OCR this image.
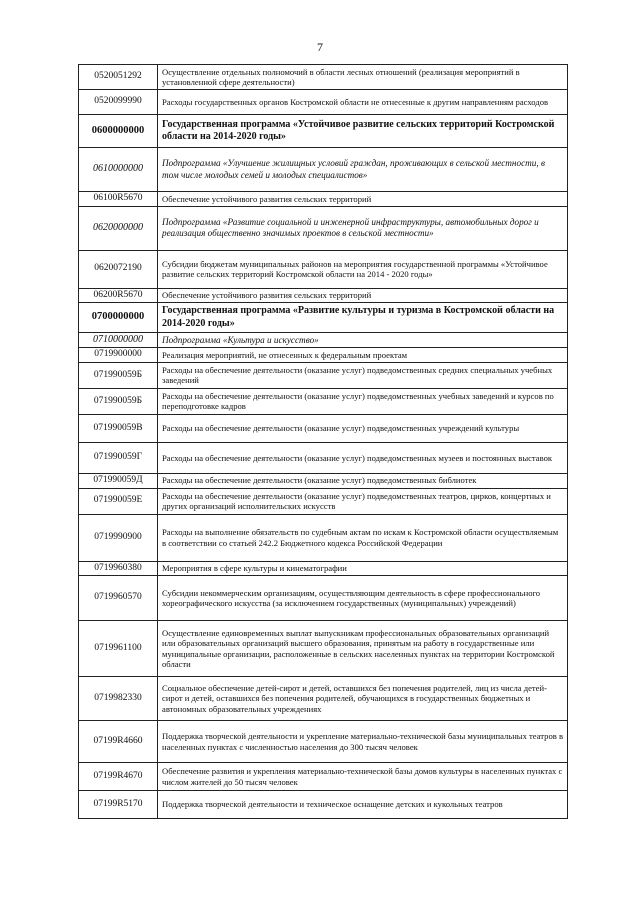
7
0520051292	Осуществление отдельных полномочий в области лесных отношений (реализация мероприятий в установленной сфере деятельности)
0520099990	Расходы государственных органов Костромской области не отнесенные к другим направлениям расходов
0600000000	Государственная программа «Устойчивое развитие сельских территорий Костромской области на 2014-2020 годы»
0610000000	Подпрограмма «Улучшение жилищных условий граждан, проживающих в сельской местности, в том числе молодых семей и молодых специалистов»
06100R5670	Обеспечение устойчивого развития сельских территорий
0620000000	Подпрограмма «Развитие социальной и инженерной инфраструктуры, автомобильных дорог и реализация общественно значимых проектов в сельской местности»
0620072190	Субсидии бюджетам муниципальных районов на мероприятия государственной программы «Устойчивое развитие сельских территорий Костромской области на 2014 - 2020 годы»
06200R5670	Обеспечение устойчивого развития сельских территорий
0700000000	Государственная программа «Развитие культуры и туризма в Костромской области на 2014-2020 годы»
0710000000	Подпрограмма «Культура и искусство»
0719900000	Реализация мероприятий, не отнесенных к федеральным проектам
071990059Б	Расходы на обеспечение деятельности (оказание услуг) подведомственных средних специальных учебных заведений
071990059Б	Расходы на обеспечение деятельности (оказание услуг) подведомственных учебных заведений и курсов по переподготовке кадров
071990059В	Расходы на обеспечение деятельности (оказание услуг) подведомственных учреждений культуры
071990059Г	Расходы на обеспечение деятельности (оказание услуг) подведомственных музеев и постоянных выставок
071990059Д	Расходы на обеспечение деятельности (оказание услуг) подведомственных библиотек
071990059Е	Расходы на обеспечение деятельности (оказание услуг) подведомственных театров, цирков, концертных и других организаций исполнительских искусств
0719990900	Расходы на выполнение обязательств по судебным актам по искам к Костромской области осуществляемым в соответствии со статьей 242.2 Бюджетного кодекса Российской Федерации
0719960380	Мероприятия в сфере культуры и кинематографии
0719960570	Субсидии некоммерческим организациям, осуществляющим деятельность в сфере профессионального хореографического искусства (за исключением государственных (муниципальных) учреждений)
0719961100	Осуществление единовременных выплат выпускникам профессиональных образовательных организаций или образовательных организаций высшего образования, принятым на работу в государственные или муниципальные организации, расположенные в сельских населенных пунктах на территории Костромской области
0719982330	Социальное обеспечение детей-сирот и детей, оставшихся без попечения родителей, лиц из числа детей-сирот и детей, оставшихся без попечения родителей, обучающихся в государственных бюджетных и автономных образовательных учреждениях
07199R4660	Поддержка творческой деятельности и укрепление материально-технической базы муниципальных театров в населенных пунктах с численностью населения до 300 тысяч человек
07199R4670	Обеспечение развития и укрепления материально-технической базы домов культуры в населенных пунктах с числом жителей до 50 тысяч человек
07199R5170	Поддержка творческой деятельности и техническое оснащение детских и кукольных театров
